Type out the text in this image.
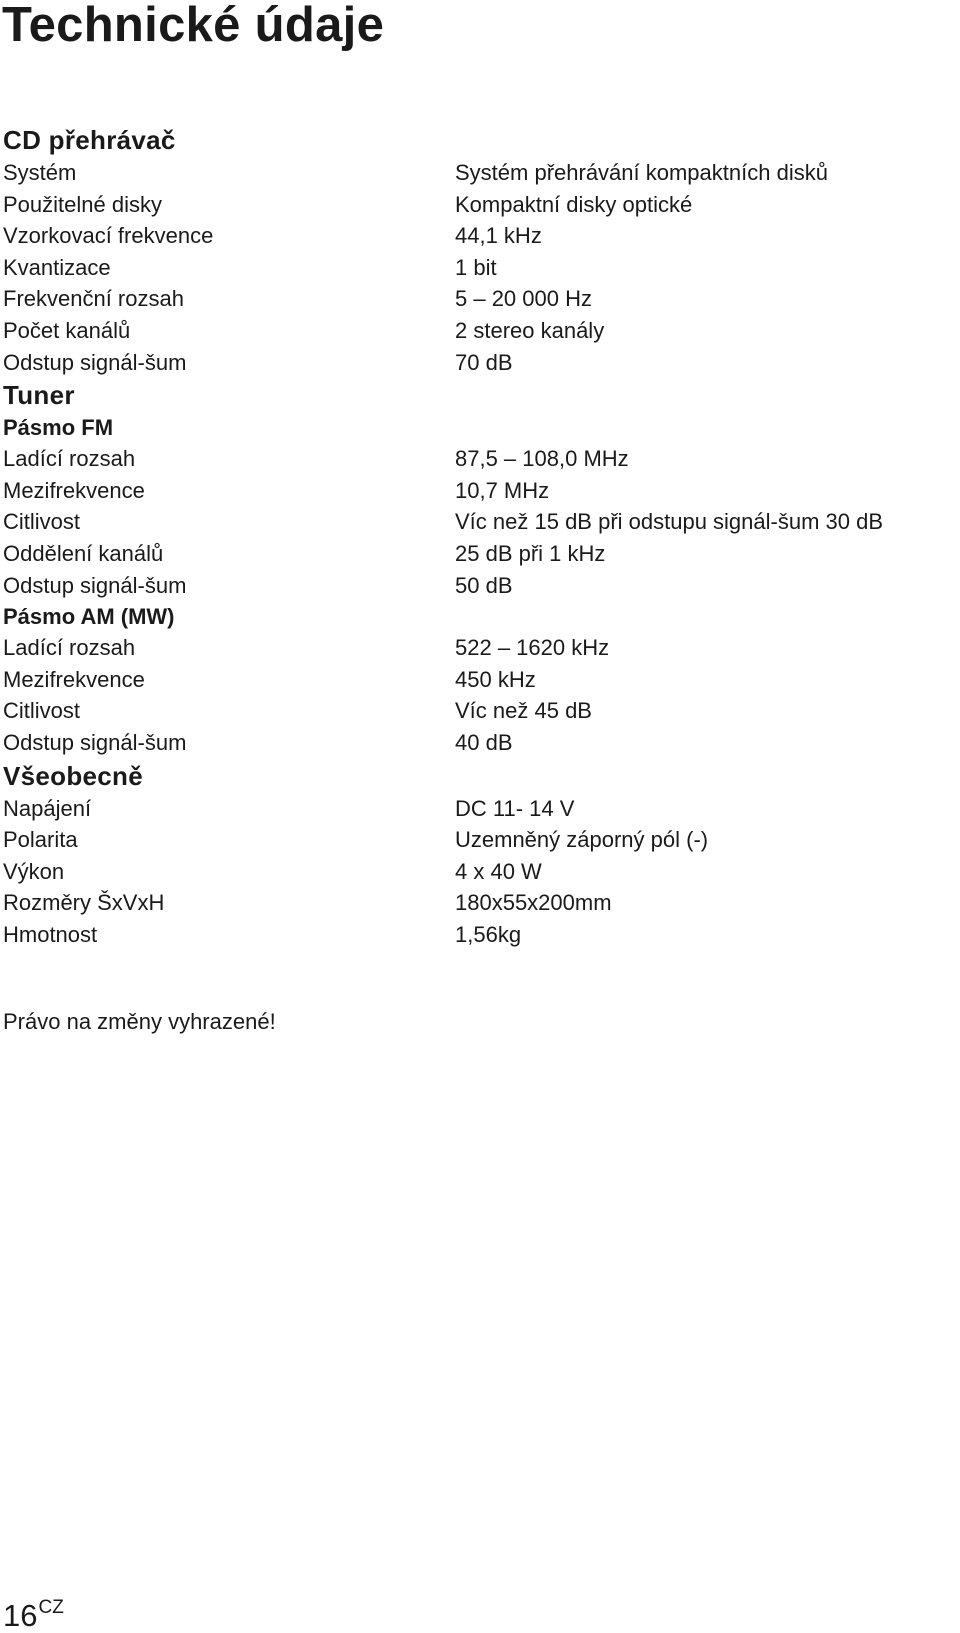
Technické údaje
CD přehrávač
Systém	Systém přehrávání kompaktních disků
Použitelné disky	Kompaktní disky optické
Vzorkovací frekvence	44,1 kHz
Kvantizace	1 bit
Frekvenční rozsah	5 – 20 000 Hz
Počet kanálů	2 stereo kanály
Odstup signál-šum	70 dB
Tuner
Pásmo FM
Ladící rozsah	87,5 – 108,0 MHz
Mezifrekvence	10,7 MHz
Citlivost	Víc než 15 dB při odstupu signál-šum 30 dB
Oddělení kanálů	25 dB při 1 kHz
Odstup signál-šum	50 dB
Pásmo AM (MW)
Ladící rozsah	522 – 1620 kHz
Mezifrekvence	450 kHz
Citlivost	Víc než 45 dB
Odstup signál-šum	40 dB
Všeobecně
Napájení	DC 11- 14 V
Polarita	Uzemněný záporný pól (-)
Výkon	4 x 40 W
Rozměry ŠxVxH	180x55x200mm
Hmotnost	1,56kg
Právo na změny vyhrazené!
$16^{CZ}$
